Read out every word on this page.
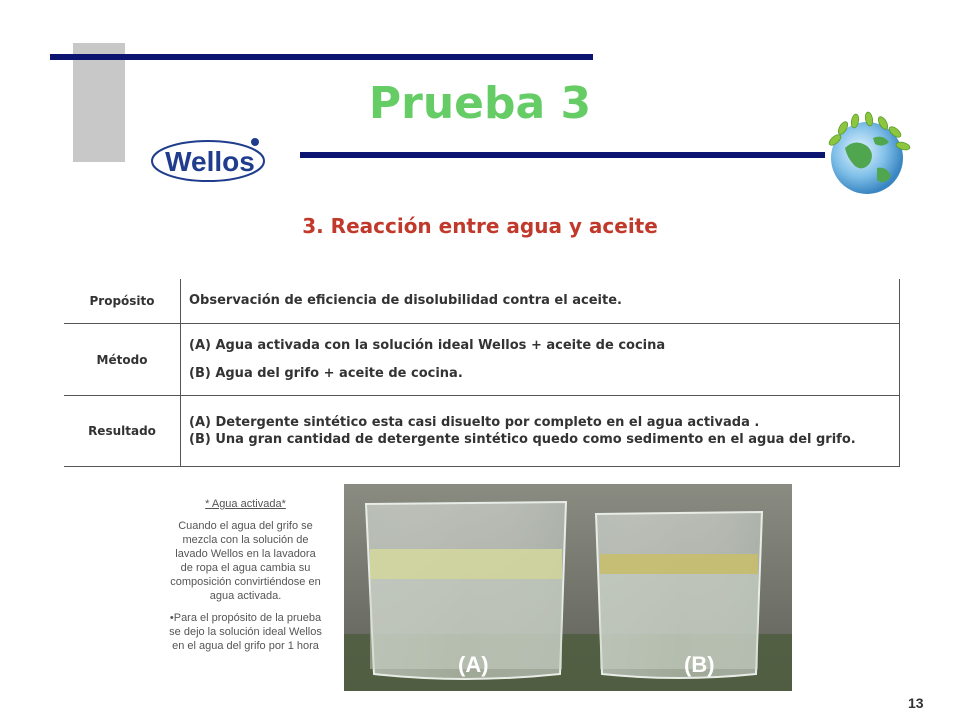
Prueba 3
Wellos
3. Reacción entre agua y aceite
Propósito	Observación de eficiencia de disolubilidad contra el aceite.

Método	(A) Agua activada con la solución ideal Wellos + aceite de cocina
(B) Agua del grifo + aceite de cocina.

Resultado	(A) Detergente sintético esta casi disuelto por completo en el agua activada .
(B) Una gran cantidad de detergente sintético quedo como sedimento en el agua del grifo.
* Agua activada*

Cuando el agua del grifo se mezcla con la solución de lavado Wellos en la lavadora de ropa el agua cambia su composición convirtiéndose en agua activada.

•Para el propósito de la prueba se dejo la solución ideal Wellos en el agua del grifo por 1 hora

(A)	(B)
13
